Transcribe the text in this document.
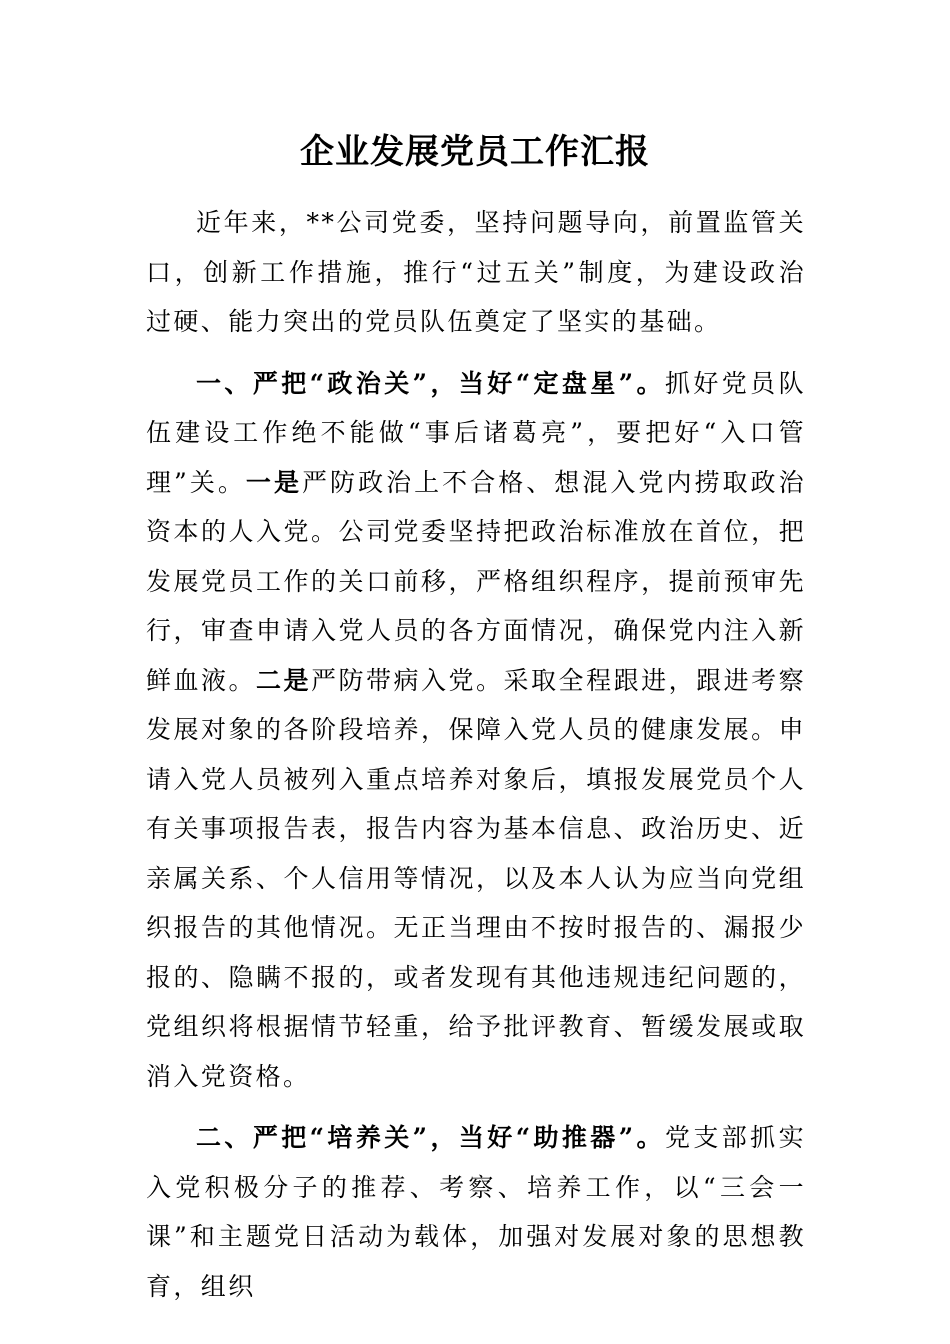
企业发展党员工作汇报

近年来，**公司党委，坚持问题导向，前置监管关口，创新工作措施，推行“过五关”制度，为建设政治过硬、能力突出的党员队伍奠定了坚实的基础。

一、严把“政治关”，当好“定盘星”。抓好党员队伍建设工作绝不能做“事后诸葛亮”，要把好“入口管理”关。一是严防政治上不合格、想混入党内捞取政治资本的人入党。公司党委坚持把政治标准放在首位，把发展党员工作的关口前移，严格组织程序，提前预审先行，审查申请入党人员的各方面情况，确保党内注入新鲜血液。二是严防带病入党。采取全程跟进，跟进考察发展对象的各阶段培养，保障入党人员的健康发展。申请入党人员被列入重点培养对象后，填报发展党员个人有关事项报告表，报告内容为基本信息、政治历史、近亲属关系、个人信用等情况，以及本人认为应当向党组织报告的其他情况。无正当理由不按时报告的、漏报少报的、隐瞒不报的，或者发现有其他违规违纪问题的，党组织将根据情节轻重，给予批评教育、暂缓发展或取消入党资格。

二、严把“培养关”，当好“助推器”。党支部抓实入党积极分子的推荐、考察、培养工作，以“三会一课”和主题党日活动为载体，加强对发展对象的思想教育，组织
